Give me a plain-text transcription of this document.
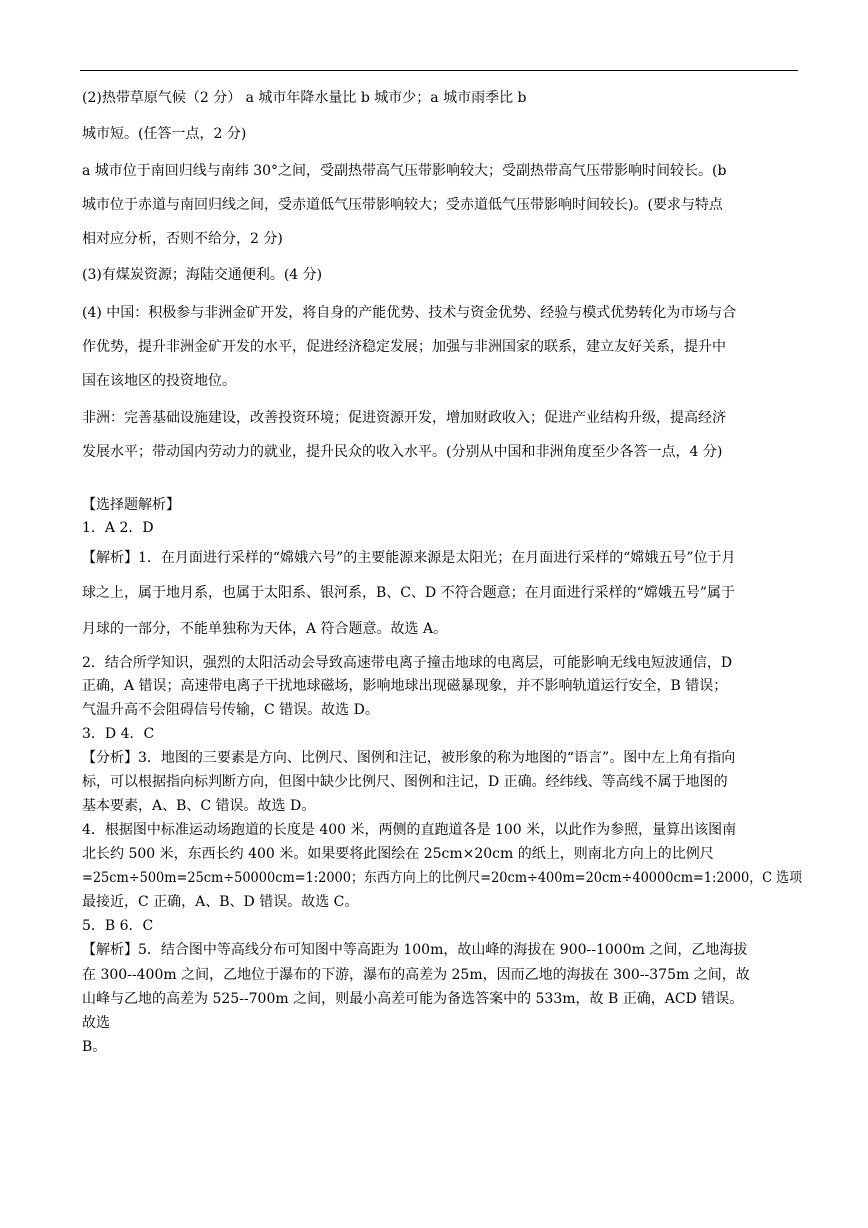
(2)热带草原气候（2 分） a 城市年降水量比 b 城市少；a 城市雨季比 b
城市短。(任答一点，2 分)
a 城市位于南回归线与南纬 30°之间，受副热带高气压带影响较大；受副热带高气压带影响时间较长。(b
城市位于赤道与南回归线之间，受赤道低气压带影响较大；受赤道低气压带影响时间较长)。(要求与特点
相对应分析，否则不给分，2 分)
(3)有煤炭资源；海陆交通便利。(4 分)
(4) 中国：积极参与非洲金矿开发，将自身的产能优势、技术与资金优势、经验与模式优势转化为市场与合
作优势，提升非洲金矿开发的水平，促进经济稳定发展；加强与非洲国家的联系，建立友好关系，提升中
国在该地区的投资地位。
非洲：完善基础设施建设，改善投资环境；促进资源开发，增加财政收入；促进产业结构升级，提高经济
发展水平；带动国内劳动力的就业，提升民众的收入水平。(分别从中国和非洲角度至少各答一点，4 分)
【选择题解析】
1．A 2．D
【解析】1．在月面进行采样的“嫦娥六号”的主要能源来源是太阳光；在月面进行采样的“嫦娥五号”位于月
球之上，属于地月系，也属于太阳系、银河系，B、C、D 不符合题意；在月面进行采样的“嫦娥五号”属于
月球的一部分，不能单独称为天体，A 符合题意。故选 A。
2．结合所学知识，强烈的太阳活动会导致高速带电离子撞击地球的电离层，可能影响无线电短波通信，D
正确，A 错误；高速带电离子干扰地球磁场，影响地球出现磁暴现象，并不影响轨道运行安全，B 错误；
气温升高不会阻碍信号传输，C 错误。故选 D。
3．D 4．C
【分析】3．地图的三要素是方向、比例尺、图例和注记，被形象的称为地图的“语言”。图中左上角有指向
标，可以根据指向标判断方向，但图中缺少比例尺、图例和注记，D 正确。经纬线、等高线不属于地图的
基本要素，A、B、C 错误。故选 D。
4．根据图中标准运动场跑道的长度是 400 米，两侧的直跑道各是 100 米，以此作为参照，量算出该图南
北长约 500 米，东西长约 400 米。如果要将此图绘在 25cm×20cm 的纸上，则南北方向上的比例尺
=25cm÷500m=25cm÷50000cm=1:2000；东西方向上的比例尺=20cm÷400m=20cm÷40000cm=1:2000，C 选项
最接近，C 正确，A、B、D 错误。故选 C。
5．B 6．C
【解析】5．结合图中等高线分布可知图中等高距为 100m，故山峰的海拔在 900--1000m 之间，乙地海拔
在 300--400m 之间，乙地位于瀑布的下游，瀑布的高差为 25m，因而乙地的海拔在 300--375m 之间，故
山峰与乙地的高差为 525--700m 之间，则最小高差可能为备选答案中的 533m，故 B 正确，ACD 错误。
故选
B。
